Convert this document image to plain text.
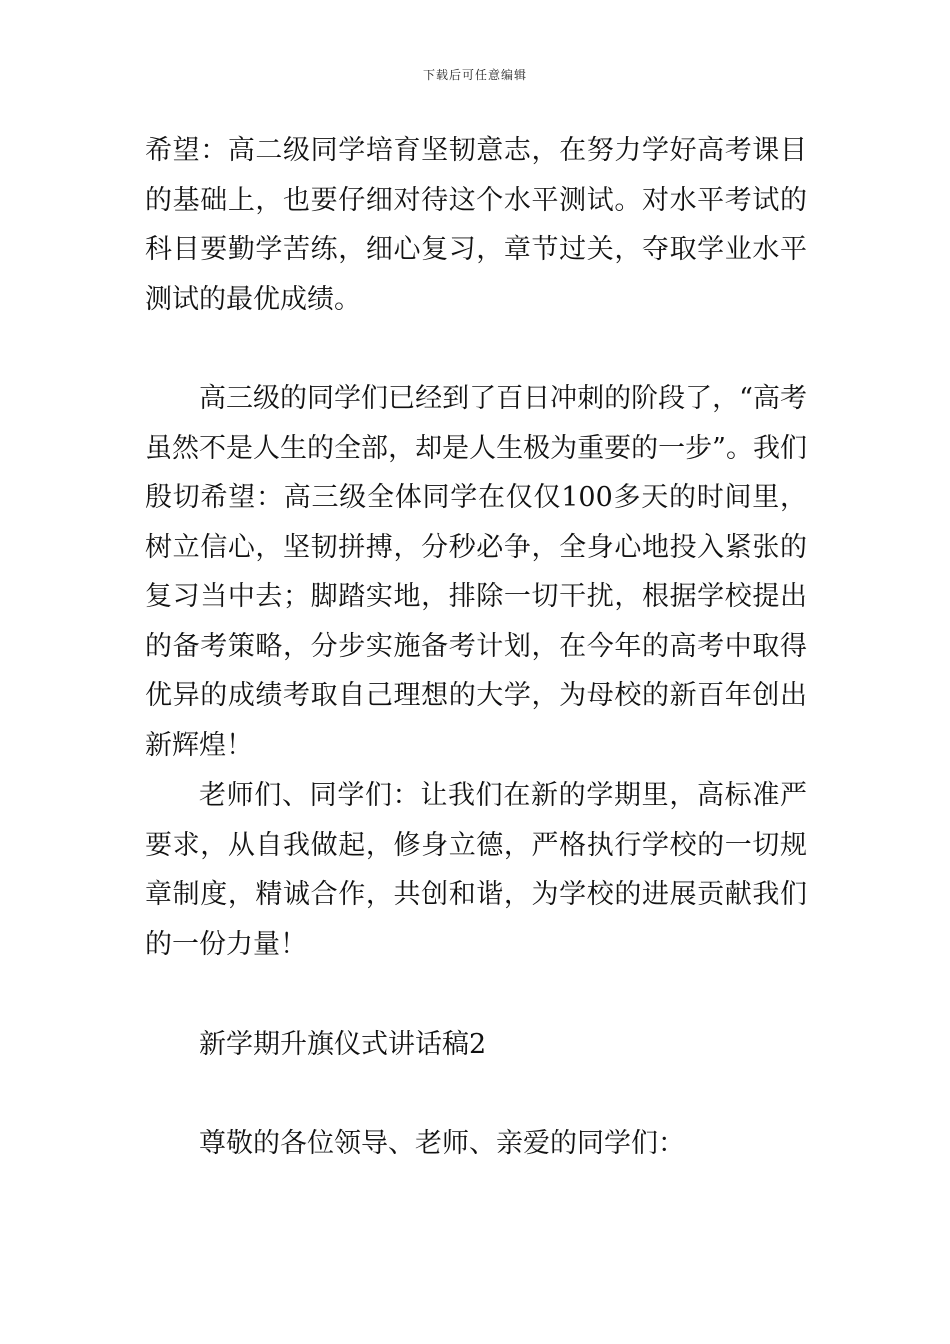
下载后可任意编辑

希望：高二级同学培育坚韧意志，在努力学好高考课目的基础上，也要仔细对待这个水平测试。对水平考试的科目要勤学苦练，细心复习，章节过关，夺取学业水平测试的最优成绩。

高三级的同学们已经到了百日冲刺的阶段了，“高考虽然不是人生的全部，却是人生极为重要的一步”。我们殷切希望：高三级全体同学在仅仅100多天的时间里，树立信心，坚韧拼搏，分秒必争，全身心地投入紧张的复习当中去；脚踏实地，排除一切干扰，根据学校提出的备考策略，分步实施备考计划，在今年的高考中取得优异的成绩考取自己理想的大学，为母校的新百年创出新辉煌！

老师们、同学们：让我们在新的学期里，高标准严要求，从自我做起，修身立德，严格执行学校的一切规章制度，精诚合作，共创和谐，为学校的进展贡献我们的一份力量！

新学期升旗仪式讲话稿2

尊敬的各位领导、老师、亲爱的同学们：
